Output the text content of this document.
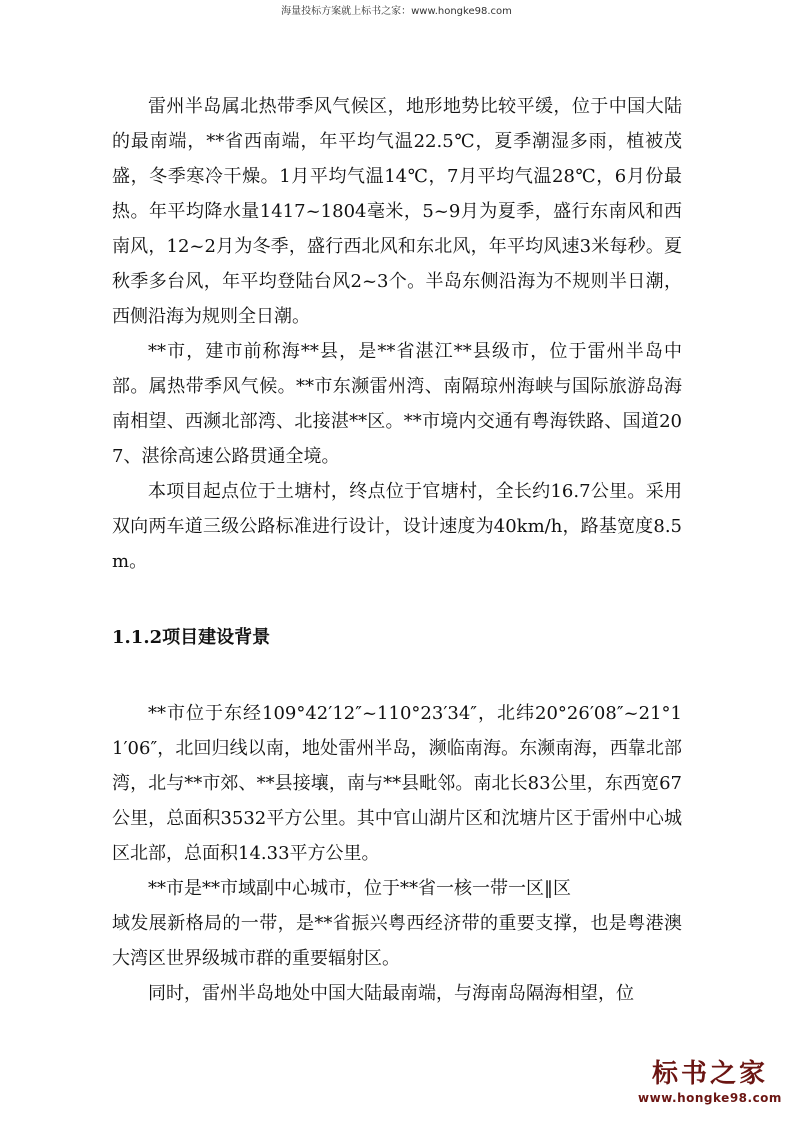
海量投标方案就上标书之家：www.hongke98.com

雷州半岛属北热带季风气候区，地形地势比较平缓，位于中国大陆的最南端，**省西南端，年平均气温22.5℃，夏季潮湿多雨，植被茂盛，冬季寒冷干燥。1月平均气温14℃，7月平均气温28℃，6月份最热。年平均降水量1417~1804毫米，5~9月为夏季，盛行东南风和西南风，12~2月为冬季，盛行西北风和东北风，年平均风速3米每秒。夏秋季多台风，年平均登陆台风2~3个。半岛东侧沿海为不规则半日潮，西侧沿海为规则全日潮。

**市，建市前称海**县，是**省湛江**县级市，位于雷州半岛中部。属热带季风气候。**市东濒雷州湾、南隔琼州海峡与国际旅游岛海南相望、西濒北部湾、北接湛**区。**市境内交通有粤海铁路、国道207、湛徐高速公路贯通全境。

本项目起点位于土塘村，终点位于官塘村，全长约16.7公里。采用双向两车道三级公路标准进行设计，设计速度为40km/h，路基宽度8.5m。

1.1.2项目建设背景

**市位于东经109°42′12″~110°23′34″，北纬20°26′08″~21°11′06″，北回归线以南，地处雷州半岛，濒临南海。东濒南海，西靠北部湾，北与**市郊、**县接壤，南与**县毗邻。南北长83公里，东西宽67公里，总面积3532平方公里。其中官山湖片区和沈塘片区于雷州中心城区北部，总面积14.33平方公里。

**市是**市域副中心城市，位于**省一核一带一区‖区

域发展新格局的一带，是**省振兴粤西经济带的重要支撑，也是粤港澳大湾区世界级城市群的重要辐射区。

同时，雷州半岛地处中国大陆最南端，与海南岛隔海相望，位

标书之家
www.hongke98.com
